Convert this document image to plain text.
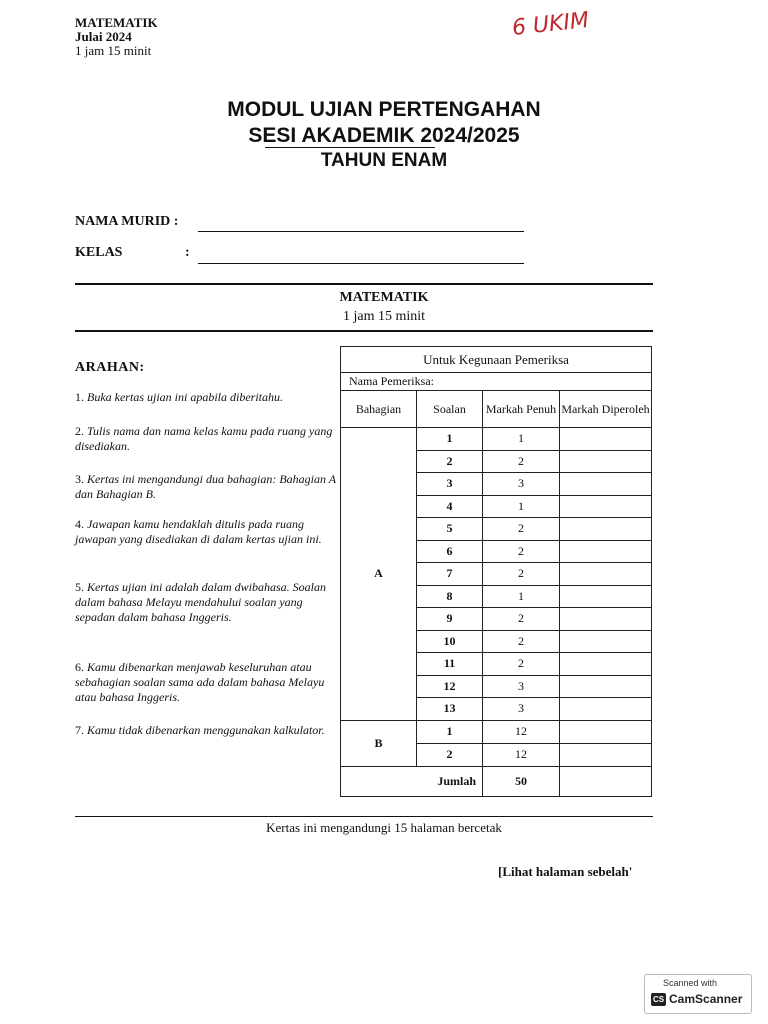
MATEMATIK
Julai 2024
1 jam 15 minit
6 UKIM
MODUL UJIAN PERTENGAHAN
SESI AKADEMIK 2024/2025
TAHUN ENAM
NAMA MURID :
KELAS	:
MATEMATIK
1 jam 15 minit
ARAHAN:
1. Buka kertas ujian ini apabila diberitahu.
2. Tulis nama dan nama kelas kamu pada ruang yang disediakan.
3. Kertas ini mengandungi dua bahagian: Bahagian A dan Bahagian B.
4. Jawapan kamu hendaklah ditulis pada ruang jawapan yang disediakan di dalam kertas ujian ini.
5. Kertas ujian ini adalah dalam dwibahasa. Soalan dalam bahasa Melayu mendahului soalan yang sepadan dalam bahasa Inggeris.
6. Kamu dibenarkan menjawab keseluruhan atau sebahagian soalan sama ada dalam bahasa Melayu atau bahasa Inggeris.
7. Kamu tidak dibenarkan menggunakan kalkulator.
Untuk Kegunaan Pemeriksa			
Nama Pemeriksa:			
Bahagian	Soalan	Markah Penuh	Markah Diperoleh
A	1	1	
	2	2	
	3	3	
	4	1	
	5	2	
	6	2	
	7	2	
	8	1	
	9	2	
	10	2	
	11	2	
	12	3	
	13	3	
B	1	12	
	2	12	
Jumlah		50	
Kertas ini mengandungi 15 halaman bercetak
[Lihat halaman sebelah'
Scanned with
CS CamScanner
